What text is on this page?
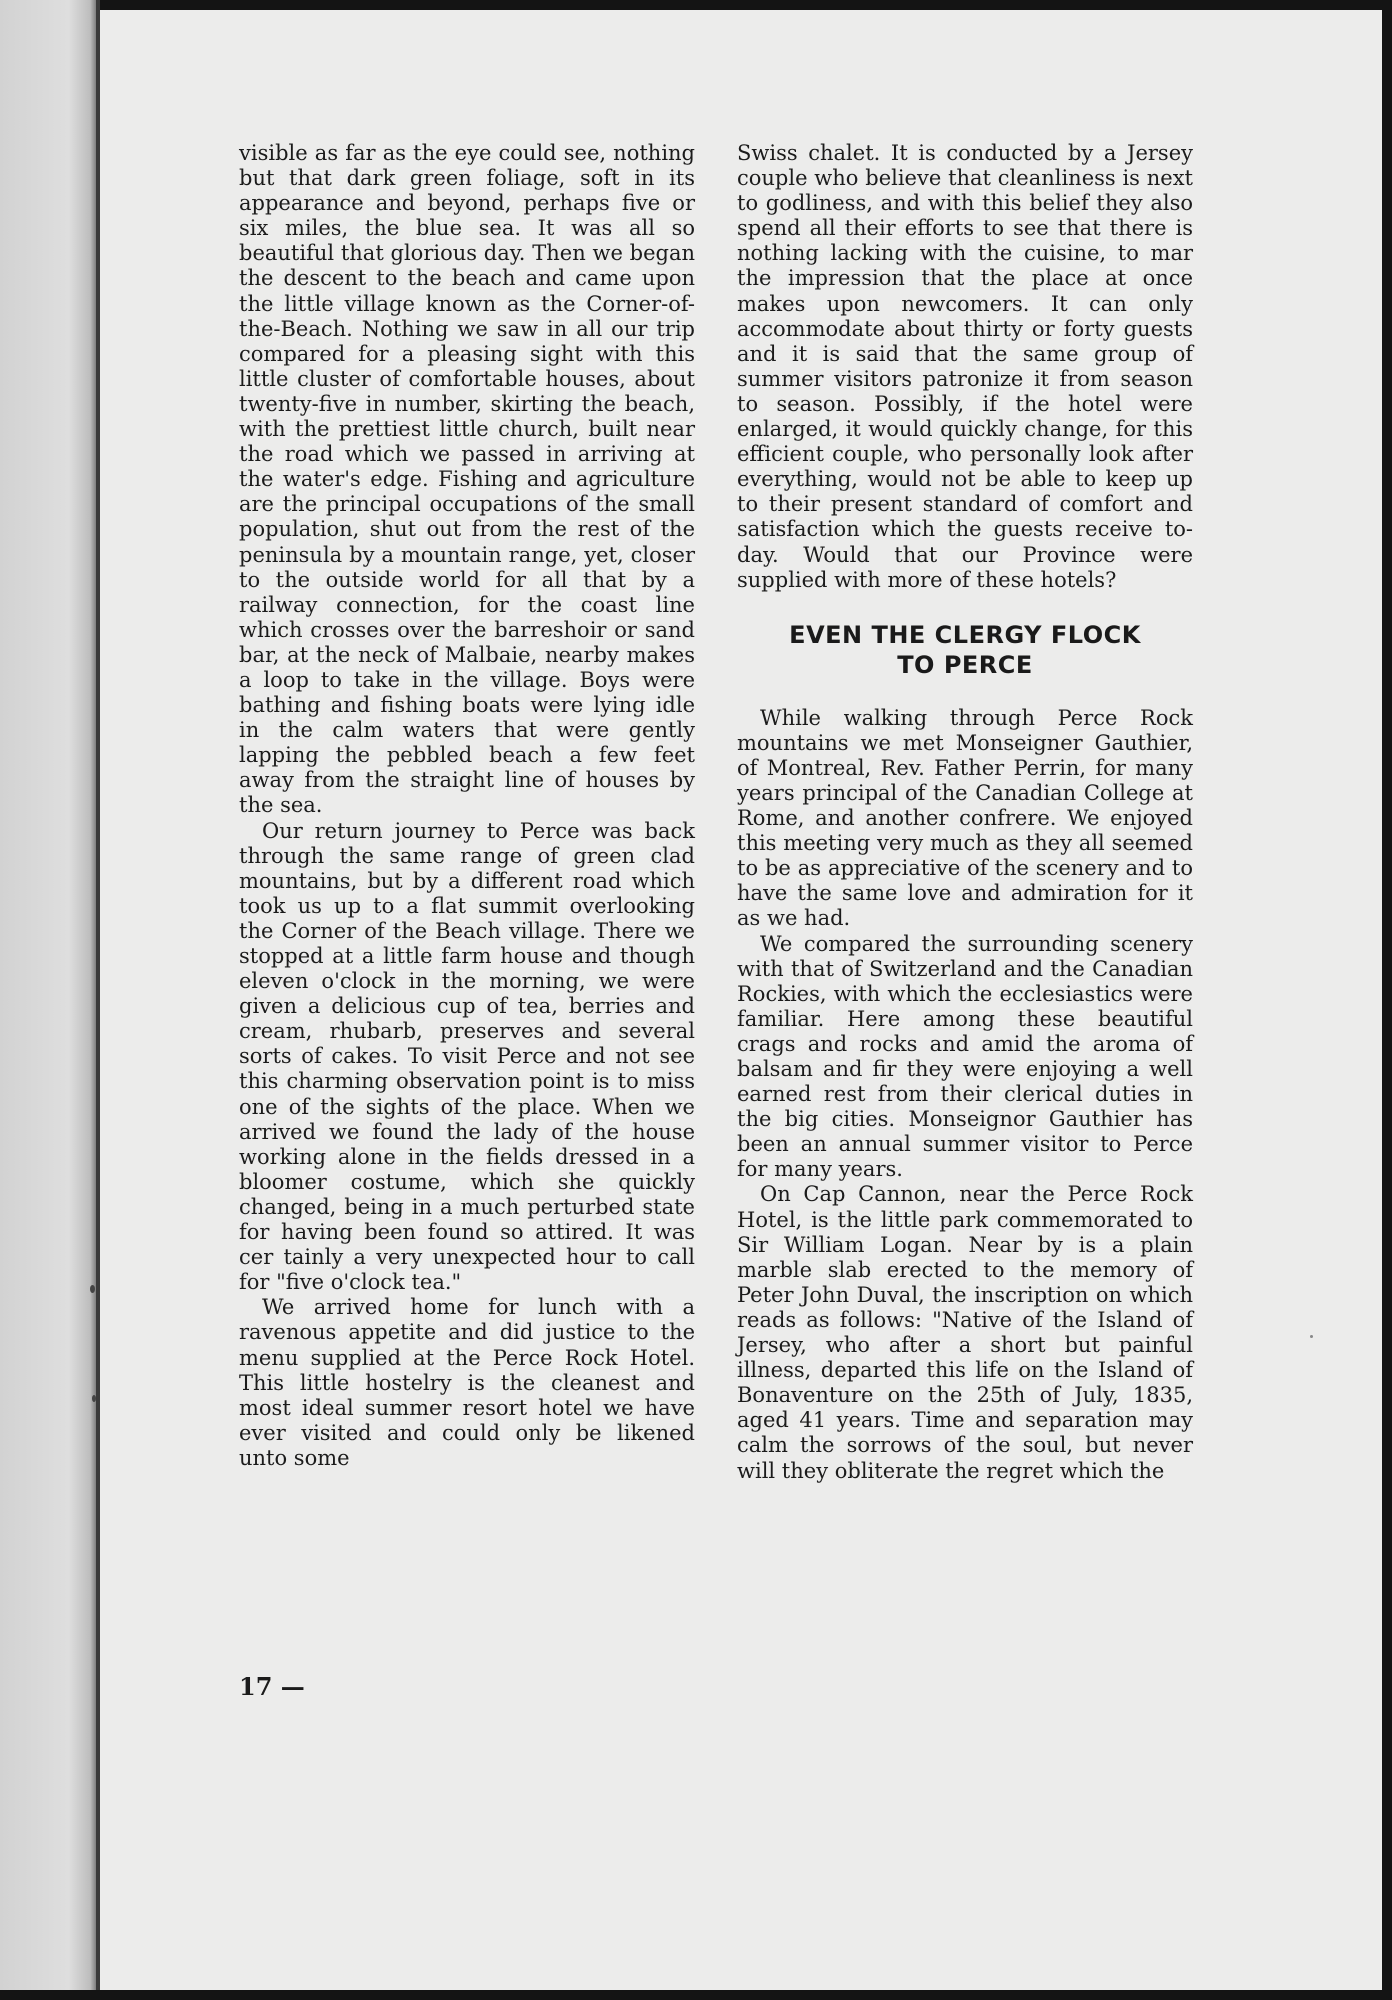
visible as far as the eye could see, nothing but that dark green foliage, soft in its appearance and beyond, perhaps five or six miles, the blue sea. It was all so beautiful that glorious day. Then we began the descent to the beach and came upon the little village known as the Corner-of-the-Beach. Nothing we saw in all our trip compared for a pleasing sight with this little cluster of comfortable houses, about twenty-five in number, skirting the beach, with the prettiest little church, built near the road which we passed in arriving at the water's edge. Fishing and agriculture are the principal occupations of the small population, shut out from the rest of the peninsula by a mountain range, yet, closer to the outside world for all that by a railway connection, for the coast line which crosses over the barreshoir or sand bar, at the neck of Malbaie, nearby makes a loop to take in the village. Boys were bathing and fishing boats were lying idle in the calm waters that were gently lapping the pebbled beach a few feet away from the straight line of houses by the sea.

Our return journey to Perce was back through the same range of green clad mountains, but by a different road which took us up to a flat summit overlooking the Corner of the Beach village. There we stopped at a little farm house and though eleven o'clock in the morning, we were given a delicious cup of tea, berries and cream, rhubarb, preserves and several sorts of cakes. To visit Perce and not see this charming observation point is to miss one of the sights of the place. When we arrived we found the lady of the house working alone in the fields dressed in a bloomer costume, which she quickly changed, being in a much perturbed state for having been found so attired. It was cer tainly a very unexpected hour to call for "five o'clock tea."

We arrived home for lunch with a ravenous appetite and did justice to the menu supplied at the Perce Rock Hotel. This little hostelry is the cleanest and most ideal summer resort hotel we have ever visited and could only be likened unto some

Swiss chalet. It is conducted by a Jersey couple who believe that cleanliness is next to godliness, and with this belief they also spend all their efforts to see that there is nothing lacking with the cuisine, to mar the impression that the place at once makes upon newcomers. It can only accommodate about thirty or forty guests and it is said that the same group of summer visitors patronize it from season to season. Possibly, if the hotel were enlarged, it would quickly change, for this efficient couple, who personally look after everything, would not be able to keep up to their present standard of comfort and satisfaction which the guests receive to-day. Would that our Province were supplied with more of these hotels?

EVEN THE CLERGY FLOCK
TO PERCE

While walking through Perce Rock mountains we met Monseigner Gauthier, of Montreal, Rev. Father Perrin, for many years principal of the Canadian College at Rome, and another confrere. We enjoyed this meeting very much as they all seemed to be as appreciative of the scenery and to have the same love and admiration for it as we had.

We compared the surrounding scenery with that of Switzerland and the Canadian Rockies, with which the ecclesiastics were familiar. Here among these beautiful crags and rocks and amid the aroma of balsam and fir they were enjoying a well earned rest from their clerical duties in the big cities. Monseignor Gauthier has been an annual summer visitor to Perce for many years.

On Cap Cannon, near the Perce Rock Hotel, is the little park commemorated to Sir William Logan. Near by is a plain marble slab erected to the memory of Peter John Duval, the inscription on which reads as follows: "Native of the Island of Jersey, who after a short but painful illness, departed this life on the Island of Bonaventure on the 25th of July, 1835, aged 41 years. Time and separation may calm the sorrows of the soul, but never will they obliterate the regret which the

17 —
